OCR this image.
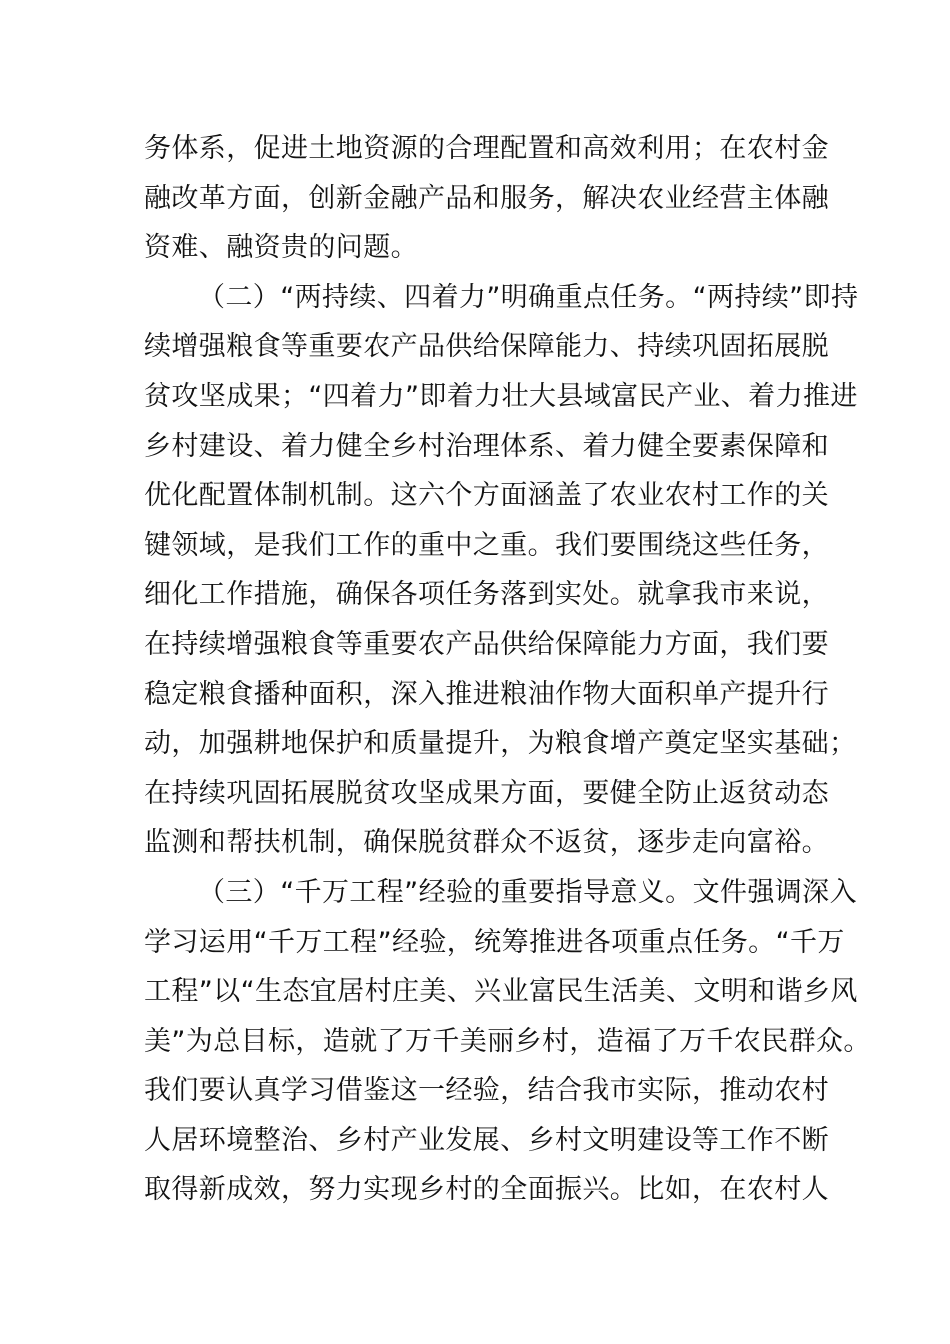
务体系，促进土地资源的合理配置和高效利用；在农村金
融改革方面，创新金融产品和服务，解决农业经营主体融
资难、融资贵的问题。
（二）“两持续、四着力”明确重点任务。“两持续”即持
续增强粮食等重要农产品供给保障能力、持续巩固拓展脱
贫攻坚成果；“四着力”即着力壮大县域富民产业、着力推进
乡村建设、着力健全乡村治理体系、着力健全要素保障和
优化配置体制机制。这六个方面涵盖了农业农村工作的关
键领域，是我们工作的重中之重。我们要围绕这些任务，
细化工作措施，确保各项任务落到实处。就拿我市来说，
在持续增强粮食等重要农产品供给保障能力方面，我们要
稳定粮食播种面积，深入推进粮油作物大面积单产提升行
动，加强耕地保护和质量提升，为粮食增产奠定坚实基础；
在持续巩固拓展脱贫攻坚成果方面，要健全防止返贫动态
监测和帮扶机制，确保脱贫群众不返贫，逐步走向富裕。
（三）“千万工程”经验的重要指导意义。文件强调深入
学习运用“千万工程”经验，统筹推进各项重点任务。“千万
工程”以“生态宜居村庄美、兴业富民生活美、文明和谐乡风
美”为总目标，造就了万千美丽乡村，造福了万千农民群众。
我们要认真学习借鉴这一经验，结合我市实际，推动农村
人居环境整治、乡村产业发展、乡村文明建设等工作不断
取得新成效，努力实现乡村的全面振兴。比如，在农村人
